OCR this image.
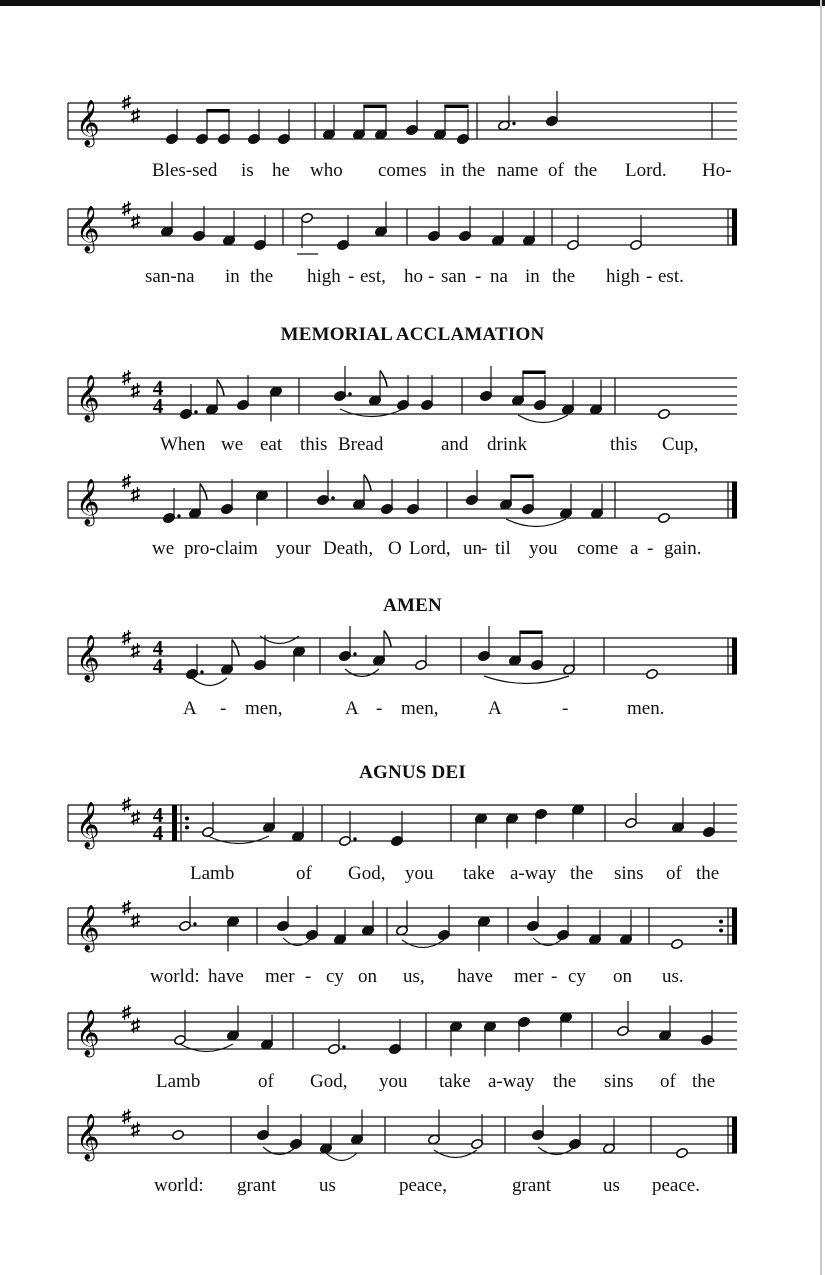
MEMORIAL ACCLAMATION
AMEN
AGNUS DEI
Bles-sed is he who comes in the name of the Lord. Ho-
san-na in the high - est, ho - san - na in the high - est.
When we eat this Bread	and drink	this Cup,
we pro-claim your Death, O Lord, un - til you come a - gain.
A - men,	A - men,	A	-	men.
Lamb	of God, you take a-way the sins of the
world: have mer - cy on us, have mer - cy on us.
Lamb	of God, you take a-way the sins of the
world: grant us	peace,	grant	us peace.
𝄞 ♯
♯
𝄞 ♯
♯
𝄞 ♯
♯ 4
4
𝄞 ♯
♯
𝄞 ♯
♯ 4
4
𝄞 ♯
♯ 4
4
𝄞 ♯
♯
𝄞 ♯
♯
𝄞 ♯
♯
